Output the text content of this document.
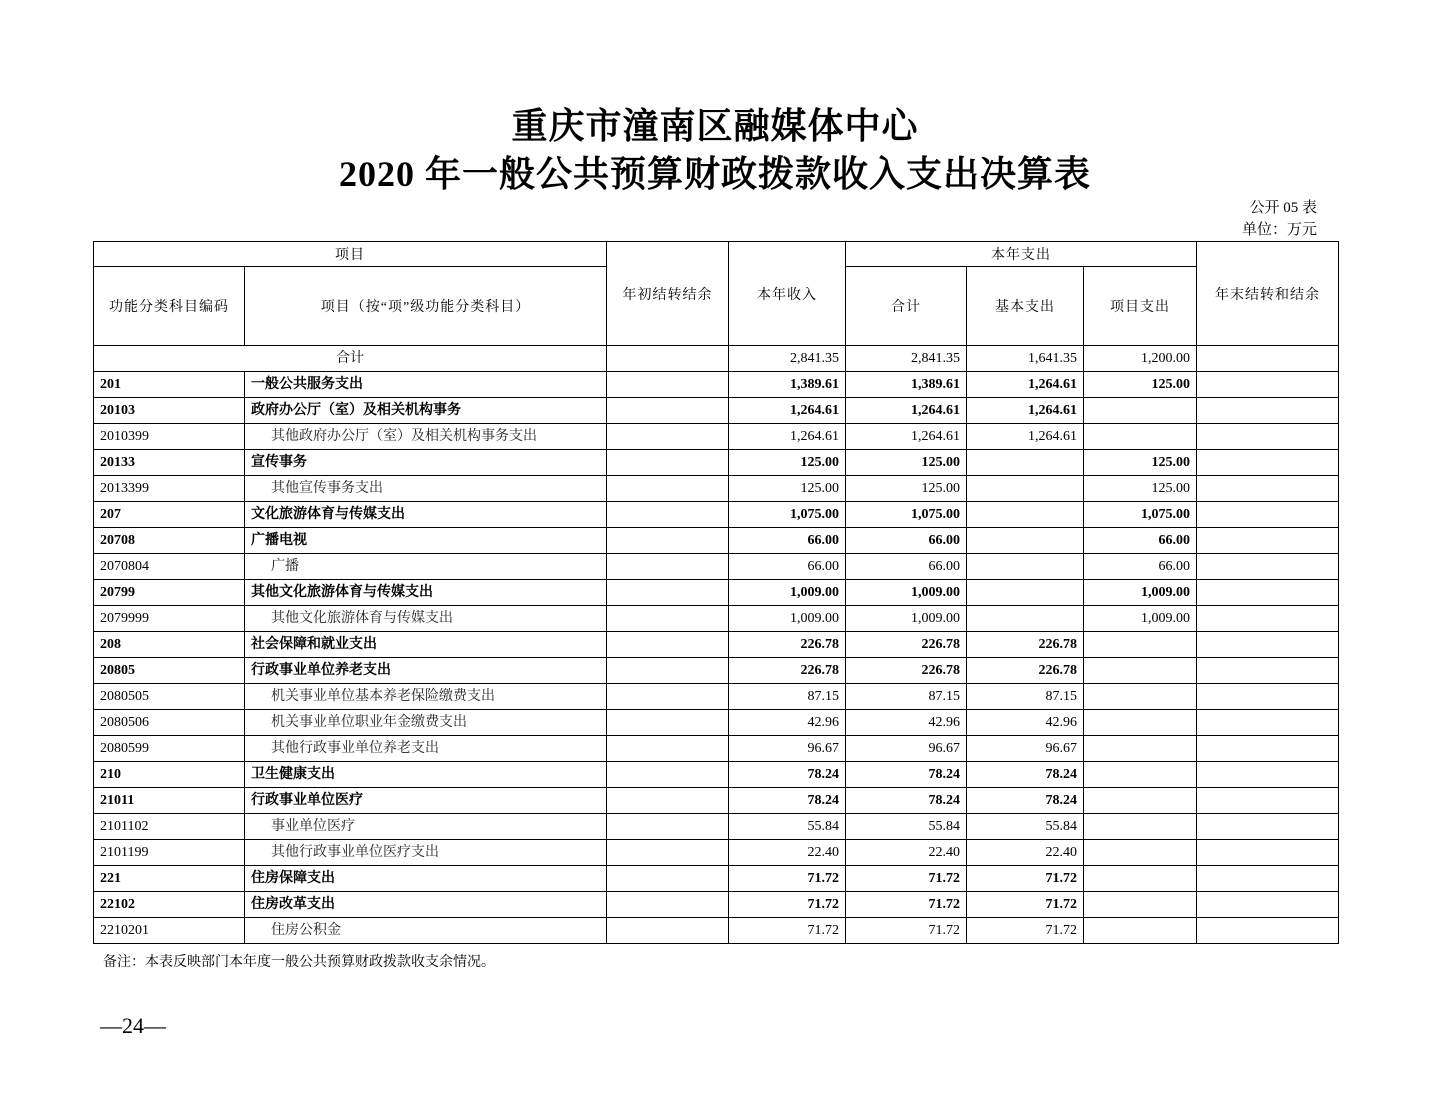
重庆市潼南区融媒体中心
2020 年一般公共预算财政拨款收入支出决算表
公开 05 表
单位：万元
项目		年初结转结余	本年收入	本年支出			年末结转和结余
功能分类科目编码	项目（按“项”级功能分类科目）			合计	基本支出	项目支出	
合计			2,841.35	2,841.35	1,641.35	1,200.00	
201	一般公共服务支出		1,389.61	1,389.61	1,264.61	125.00	
20103	政府办公厅（室）及相关机构事务		1,264.61	1,264.61	1,264.61		
2010399	其他政府办公厅（室）及相关机构事务支出		1,264.61	1,264.61	1,264.61		
20133	宣传事务		125.00	125.00		125.00	
2013399	其他宣传事务支出		125.00	125.00		125.00	
207	文化旅游体育与传媒支出		1,075.00	1,075.00		1,075.00	
20708	广播电视		66.00	66.00		66.00	
2070804	广播		66.00	66.00		66.00	
20799	其他文化旅游体育与传媒支出		1,009.00	1,009.00		1,009.00	
2079999	其他文化旅游体育与传媒支出		1,009.00	1,009.00		1,009.00	
208	社会保障和就业支出		226.78	226.78	226.78		
20805	行政事业单位养老支出		226.78	226.78	226.78		
2080505	机关事业单位基本养老保险缴费支出		87.15	87.15	87.15		
2080506	机关事业单位职业年金缴费支出		42.96	42.96	42.96		
2080599	其他行政事业单位养老支出		96.67	96.67	96.67		
210	卫生健康支出		78.24	78.24	78.24		
21011	行政事业单位医疗		78.24	78.24	78.24		
2101102	事业单位医疗		55.84	55.84	55.84		
2101199	其他行政事业单位医疗支出		22.40	22.40	22.40		
221	住房保障支出		71.72	71.72	71.72		
22102	住房改革支出		71.72	71.72	71.72		
2210201	住房公积金		71.72	71.72	71.72		
备注：本表反映部门本年度一般公共预算财政拨款收支余情况。
—24—
